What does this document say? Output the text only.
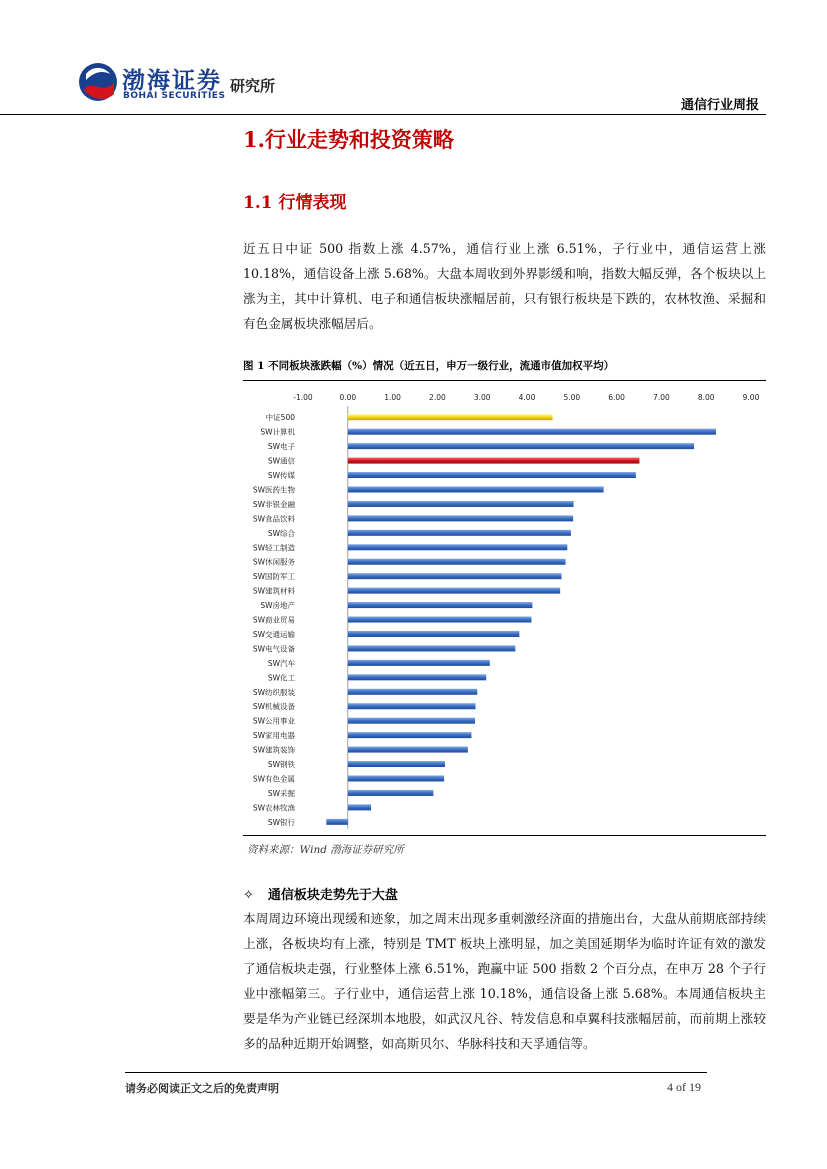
渤海证券
BOHAI SECURITIES
研究所
通信行业周报
1.行业走势和投资策略
1.1 行情表现
近五日中证 500 指数上涨 4.57%，通信行业上涨 6.51%，子行业中，通信运营上涨 10.18%，通信设备上涨 5.68%。大盘本周收到外界影缓和响，指数大幅反弹，各个板块以上涨为主，其中计算机、电子和通信板块涨幅居前，只有银行板块是下跌的，农林牧渔、采掘和有色金属板块涨幅居后。
图 1 不同板块涨跌幅（%）情况（近五日，申万一级行业，流通市值加权平均）
-1.00	0.00	1.00	2.00	3.00	4.00	5.00	6.00	7.00	8.00	9.00
中证500
SW计算机
SW电子
SW通信
SW传媒
SW医药生物
SW非银金融
SW食品饮料
SW综合
SW轻工制造
SW休闲服务
SW国防军工
SW建筑材料
SW房地产
SW商业贸易
SW交通运输
SW电气设备
SW汽车
SW化工
SW纺织服装
SW机械设备
SW公用事业
SW家用电器
SW建筑装饰
SW钢铁
SW有色金属
SW采掘
SW农林牧渔
SW银行
资料来源：Wind 渤海证券研究所
✧ 通信板块走势先于大盘
本周周边环境出现缓和迹象，加之周末出现多重刺激经济面的措施出台，大盘从前期底部持续上涨，各板块均有上涨，特别是 TMT 板块上涨明显，加之美国延期华为临时许证有效的激发了通信板块走强，行业整体上涨 6.51%，跑赢中证 500 指数 2 个百分点，在申万 28 个子行业中涨幅第三。子行业中，通信运营上涨 10.18%，通信设备上涨 5.68%。本周通信板块主要是华为产业链已经深圳本地股，如武汉凡谷、特发信息和卓翼科技涨幅居前，而前期上涨较多的品种近期开始调整，如高斯贝尔、华脉科技和天孚通信等。
请务必阅读正文之后的免责声明	4 of 19
